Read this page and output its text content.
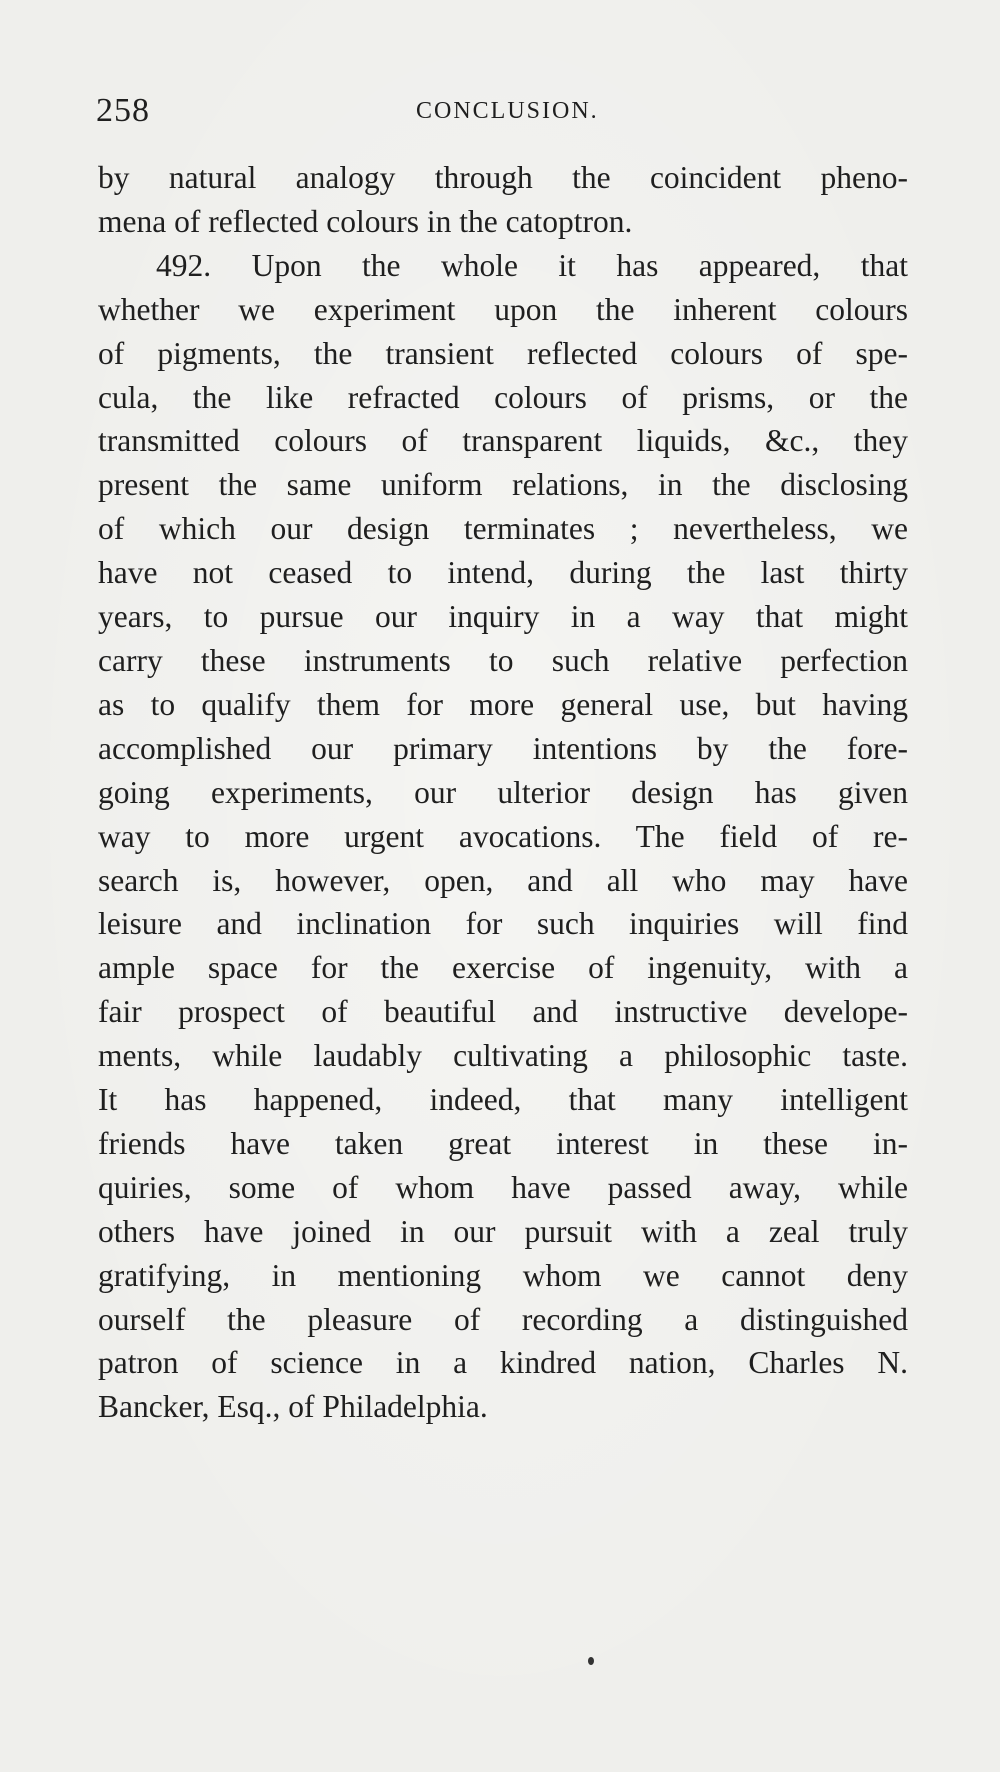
258	CONCLUSION.
by natural analogy through the coincident pheno-
mena of reflected colours in the catoptron.
492. Upon the whole it has appeared, that
whether we experiment upon the inherent colours
of pigments, the transient reflected colours of spe-
cula, the like refracted colours of prisms, or the
transmitted colours of transparent liquids, &c., they
present the same uniform relations, in the disclosing
of which our design terminates ; nevertheless, we
have not ceased to intend, during the last thirty
years, to pursue our inquiry in a way that might
carry these instruments to such relative perfection
as to qualify them for more general use, but having
accomplished our primary intentions by the fore-
going experiments, our ulterior design has given
way to more urgent avocations. The field of re-
search is, however, open, and all who may have
leisure and inclination for such inquiries will find
ample space for the exercise of ingenuity, with a
fair prospect of beautiful and instructive develope-
ments, while laudably cultivating a philosophic taste.
It has happened, indeed, that many intelligent
friends have taken great interest in these in-
quiries, some of whom have passed away, while
others have joined in our pursuit with a zeal truly
gratifying, in mentioning whom we cannot deny
ourself the pleasure of recording a distinguished
patron of science in a kindred nation, Charles N.
Bancker, Esq., of Philadelphia.
